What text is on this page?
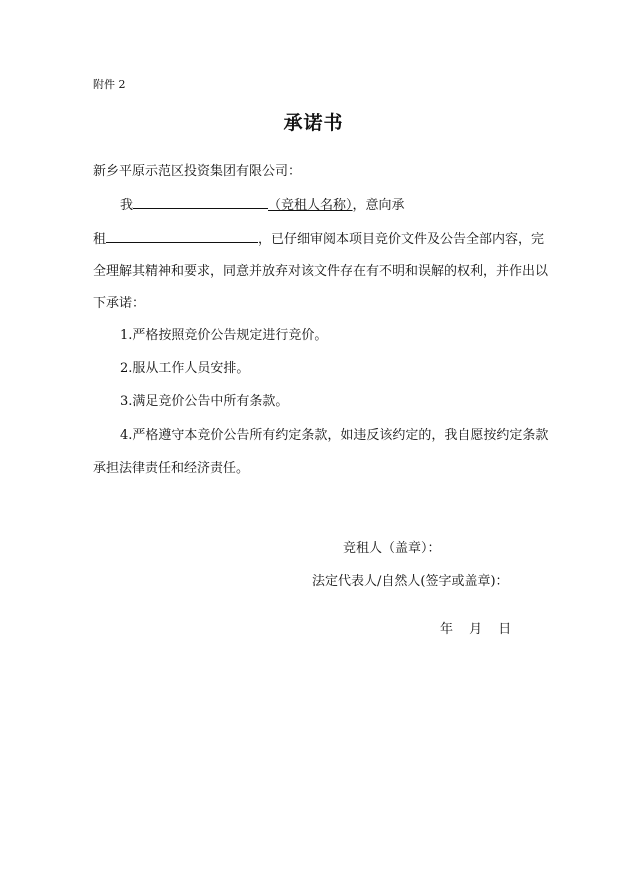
附件 2
承诺书
新乡平原示范区投资集团有限公司：
我	（竞租人名称），意向承
租	，已仔细审阅本项目竞价文件及公告全部内容，完
全理解其精神和要求，同意并放弃对该文件存在有不明和误解的权利，并作出以
下承诺：
1.严格按照竞价公告规定进行竞价。
2.服从工作人员安排。
3.满足竞价公告中所有条款。
4.严格遵守本竞价公告所有约定条款，如违反该约定的，我自愿按约定条款
承担法律责任和经济责任。
竞租人（盖章）：
法定代表人/自然人(签字或盖章)：
年 月 日
